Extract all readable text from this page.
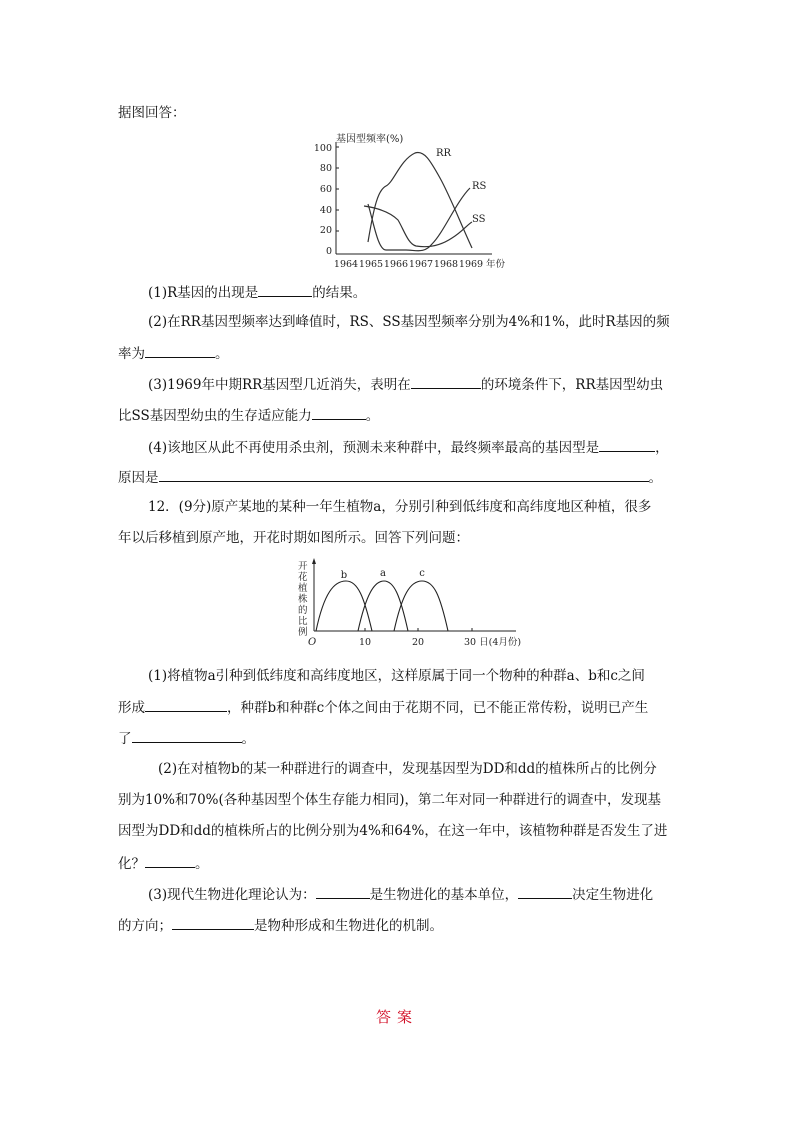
据图回答：
基因型频率(%)
100
80
60
40
20
0
1964 1965 1966 1967 1968 1969 年份
RR
RS
SS
(1)R基因的出现是	的结果。
(2)在RR基因型频率达到峰值时，RS、SS基因型频率分别为4%和1%，此时R基因的频
率为	。
(3)1969年中期RR基因型几近消失，表明在	的环境条件下，RR基因型幼虫
比SS基因型幼虫的生存适应能力	。
(4)该地区从此不再使用杀虫剂，预测未来种群中，最终频率最高的基因型是	，
原因是	。
12．(9分)原产某地的某种一年生植物a，分别引种到低纬度和高纬度地区种植，很多
年以后移植到原产地，开花时期如图所示。回答下列问题：
开
花
植
株
的
比
例
O	10	20	30 日(4月份)
b	a	c
(1)将植物a引种到低纬度和高纬度地区，这样原属于同一个物种的种群a、b和c之间
形成	，种群b和种群c个体之间由于花期不同，已不能正常传粉，说明已产生
了	。
(2)在对植物b的某一种群进行的调查中，发现基因型为DD和dd的植株所占的比例分
别为10%和70%(各种基因型个体生存能力相同)，第二年对同一种群进行的调查中，发现基
因型为DD和dd的植株所占的比例分别为4%和64%，在这一年中，该植物种群是否发生了进
化？	。
(3)现代生物进化理论认为：	是生物进化的基本单位，	决定生物进化
的方向；	是物种形成和生物进化的机制。
答案
